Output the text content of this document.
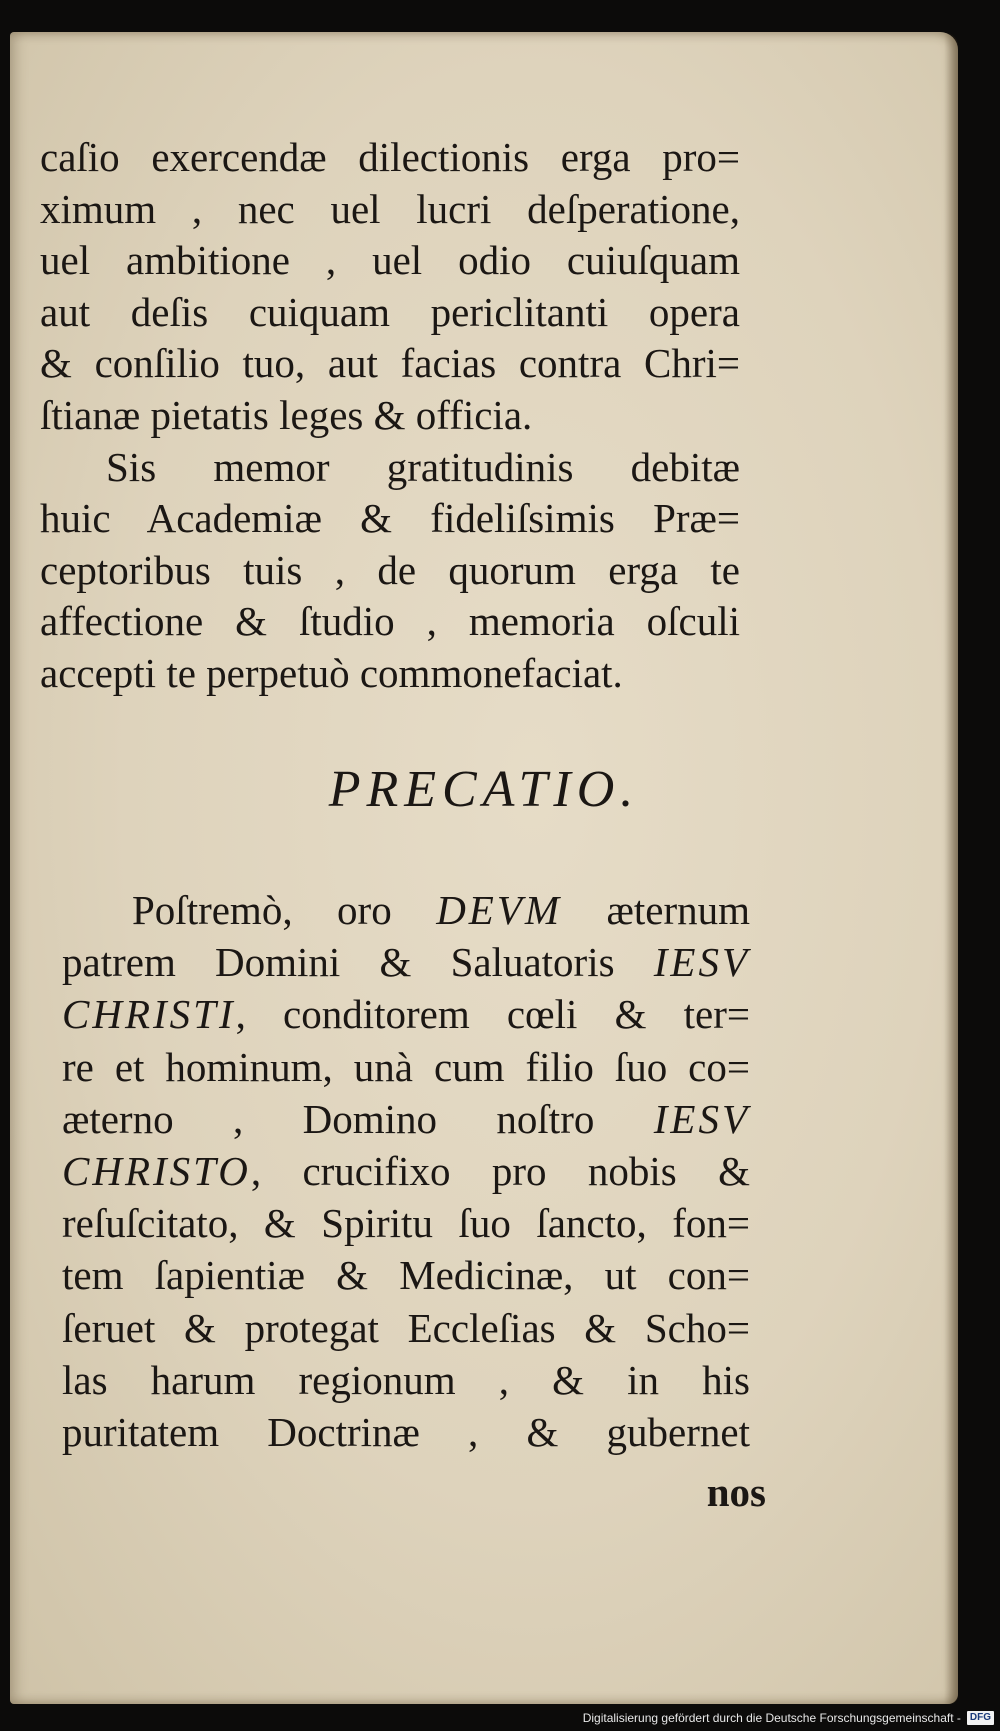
caſio exercendæ dilectionis erga pro=
ximum , nec uel lucri deſperatione,
uel ambitione , uel odio cuiuſquam
aut deſis cuiquam periclitanti opera
& conſilio tuo, aut facias contra Chri=
ſtianæ pietatis leges & officia.
Sis memor gratitudinis debitæ
huic Academiæ & fideliſsimis Præ=
ceptoribus tuis , de quorum erga te
affectione & ſtudio , memoria oſculi
accepti te perpetuò commonefaciat.
PRECATIO.
Poſtremò, oro DEVM æternum
patrem Domini & Saluatoris IESV
CHRISTI, conditorem cœli & ter=
re et hominum, unà cum filio ſuo co=
æterno , Domino noſtro IESV
CHRISTO, crucifixo pro nobis &
reſuſcitato, & Spiritu ſuo ſancto, fon=
tem ſapientiæ & Medicinæ, ut con=
ſeruet & protegat Eccleſias & Scho=
las harum regionum , & in his
puritatem Doctrinæ , & gubernet
nos
Digitalisierung gefördert durch die Deutsche Forschungsgemeinschaft - DFG
